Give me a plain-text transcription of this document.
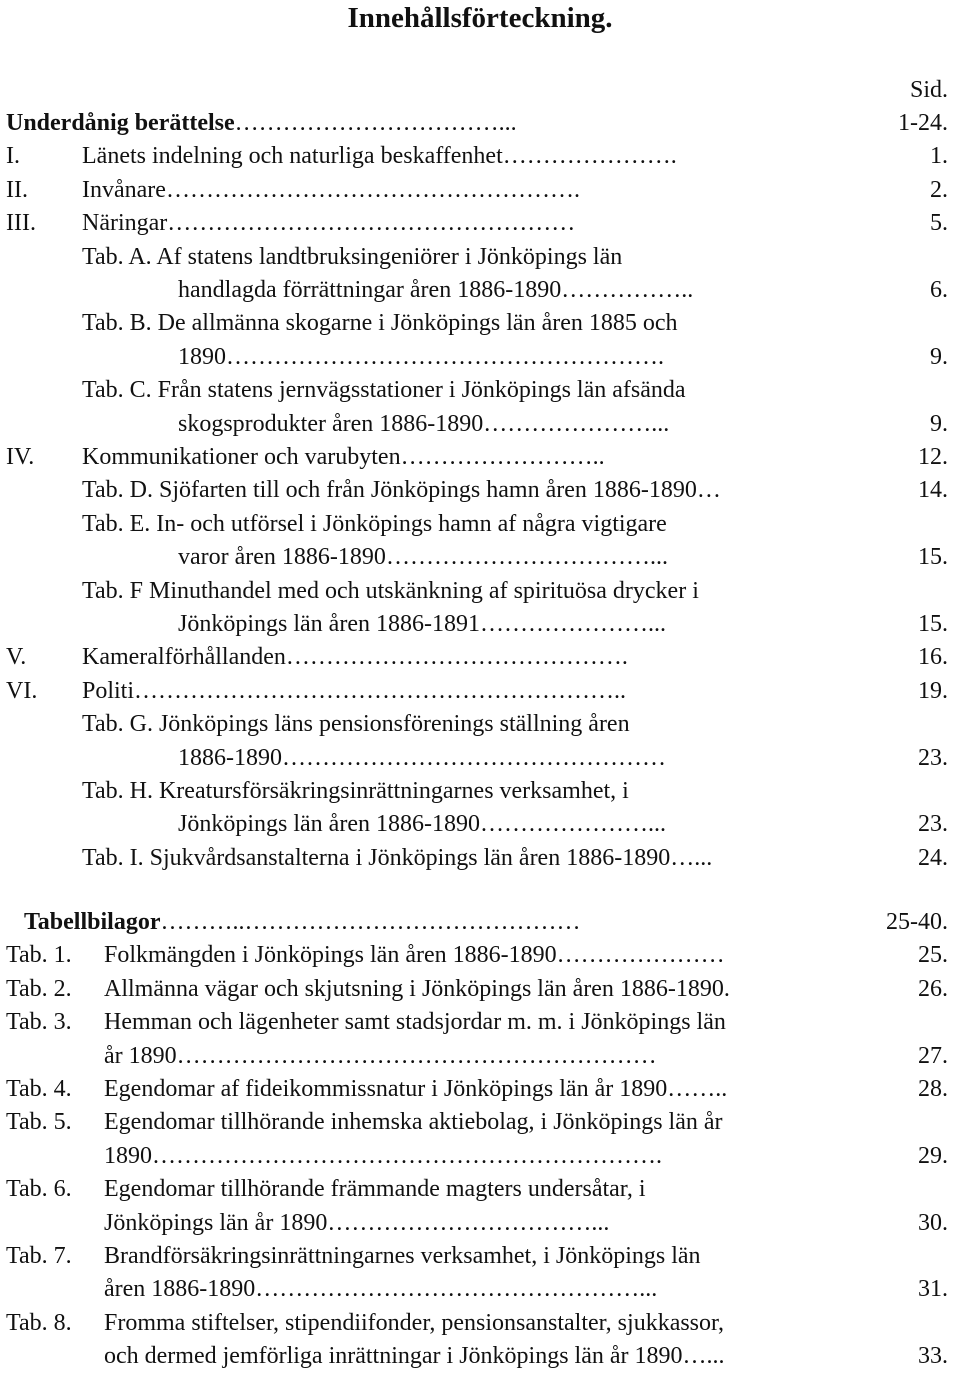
Innehållsförteckning.
Sid.
Underdånig berättelse……………………………...	1-24.
I.	Länets indelning och naturliga beskaffenhet………………….	1.
II. Invånare…………………………………………….	2.
III. Näringar……………………………………………	5.
Tab. A. Af statens landtbruksingeniörer i Jönköpings län
handlagda förrättningar åren 1886-1890……………..	6.
Tab. B. De allmänna skogarne i Jönköpings län åren 1885 och
1890……………………………………………….	9.
Tab. C. Från statens jernvägsstationer i Jönköpings län afsända
skogsprodukter åren 1886-1890…………………...	9.
IV. Kommunikationer och varubyten……………………..	12.
Tab. D. Sjöfarten till och från Jönköpings hamn åren 1886-1890…	14.
Tab. E. In- och utförsel i Jönköpings hamn af några vigtigare
varor åren 1886-1890……………………………...	15.
Tab. F Minuthandel med och utskänkning af spirituösa drycker i
Jönköpings län åren 1886-1891…………………...	15.
V. Kameralförhållanden…………………………………….	16.
VI. Politi……………………………………………………..	19.
Tab. G. Jönköpings läns pensionsförenings ställning åren
1886-1890…………………………………………	23.
Tab. H. Kreatursförsäkringsinrättningarnes verksamhet, i
Jönköpings län åren 1886-1890…………………...	23.
Tab. I. Sjukvårdsanstalterna i Jönköpings län åren 1886-1890…...	24.
Tabellbilagor………..……………………………………	25-40.
Tab. 1. Folkmängden i Jönköpings län åren 1886-1890…………………	25.
Tab. 2. Allmänna vägar och skjutsning i Jönköpings län åren 1886-1890.	26.
Tab. 3. Hemman och lägenheter samt stadsjordar m. m. i Jönköpings län
år 1890……………………………………………………	27.
Tab. 4. Egendomar af fideikommissnatur i Jönköpings län år 1890……..	28.
Tab. 5. Egendomar tillhörande inhemska aktiebolag, i Jönköpings län år
1890……………………………………………………….	29.
Tab. 6. Egendomar tillhörande främmande magters undersåtar, i
Jönköpings län år 1890……………………………...	30.
Tab. 7. Brandförsäkringsinrättningarnes verksamhet, i Jönköpings län
åren 1886-1890…………………………………………...	31.
Tab. 8. Fromma stiftelser, stipendiifonder, pensionsanstalter, sjukkassor,
och dermed jemförliga inrättningar i Jönköpings län år 1890…...	33.
